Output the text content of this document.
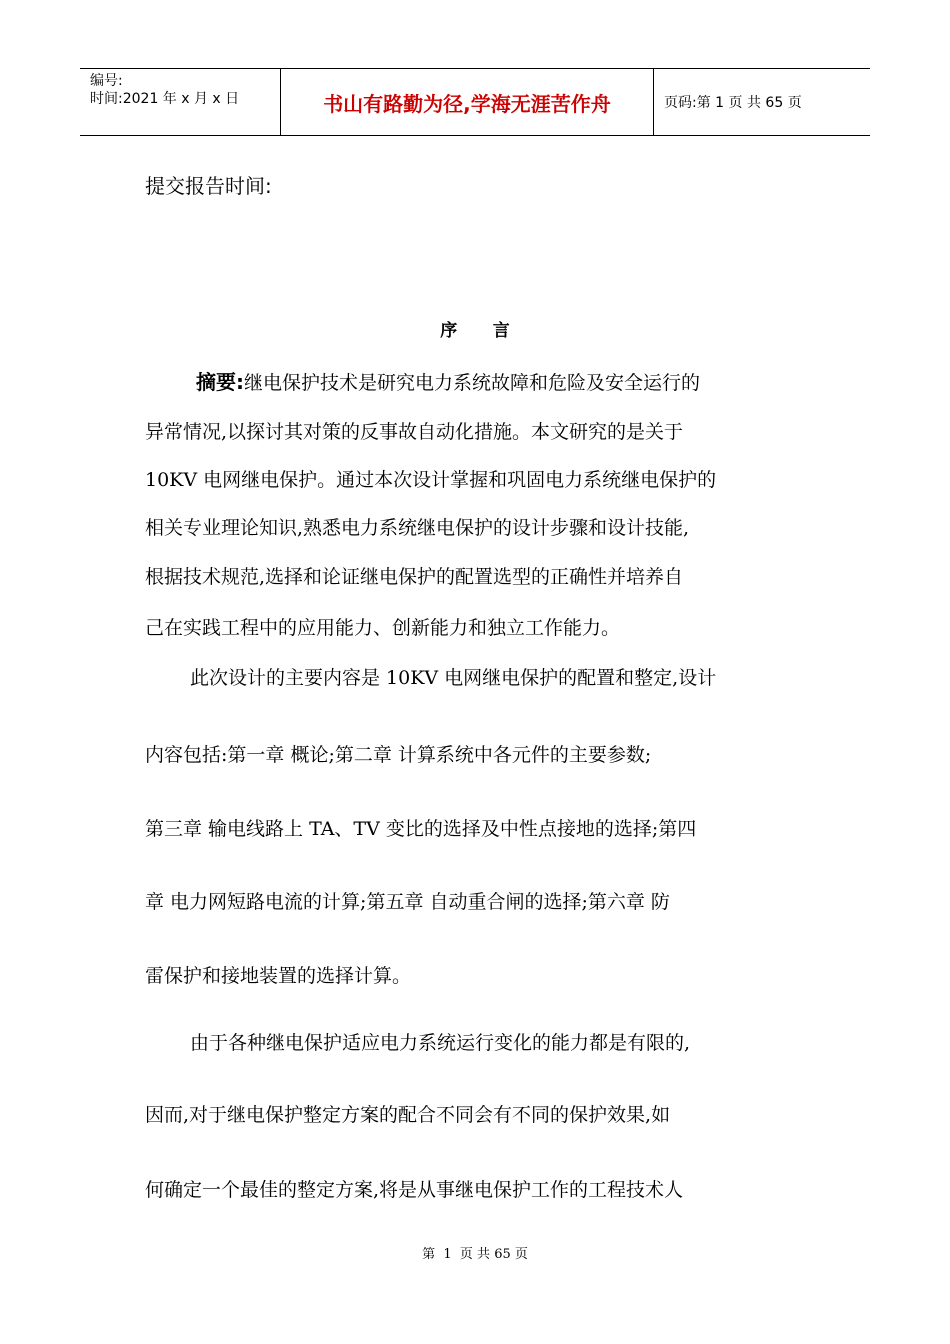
编号:
时间:2021 年 x 月 x 日	书山有路勤为径,学海无涯苦作舟	页码:第 1 页 共 65 页
提交报告时间:
序      言
摘要:继电保护技术是研究电力系统故障和危险及安全运行的
异常情况,以探讨其对策的反事故自动化措施。本文研究的是关于
10KV 电网继电保护。通过本次设计掌握和巩固电力系统继电保护的
相关专业理论知识,熟悉电力系统继电保护的设计步骤和设计技能,
根据技术规范,选择和论证继电保护的配置选型的正确性并培养自
己在实践工程中的应用能力、创新能力和独立工作能力。
此次设计的主要内容是 10KV 电网继电保护的配置和整定,设计
内容包括:第一章 概论;第二章 计算系统中各元件的主要参数;
第三章 输电线路上 TA、TV 变比的选择及中性点接地的选择;第四
章 电力网短路电流的计算;第五章 自动重合闸的选择;第六章 防
雷保护和接地装置的选择计算。
由于各种继电保护适应电力系统运行变化的能力都是有限的,
因而,对于继电保护整定方案的配合不同会有不同的保护效果,如
何确定一个最佳的整定方案,将是从事继电保护工作的工程技术人
第  1  页 共 65 页
